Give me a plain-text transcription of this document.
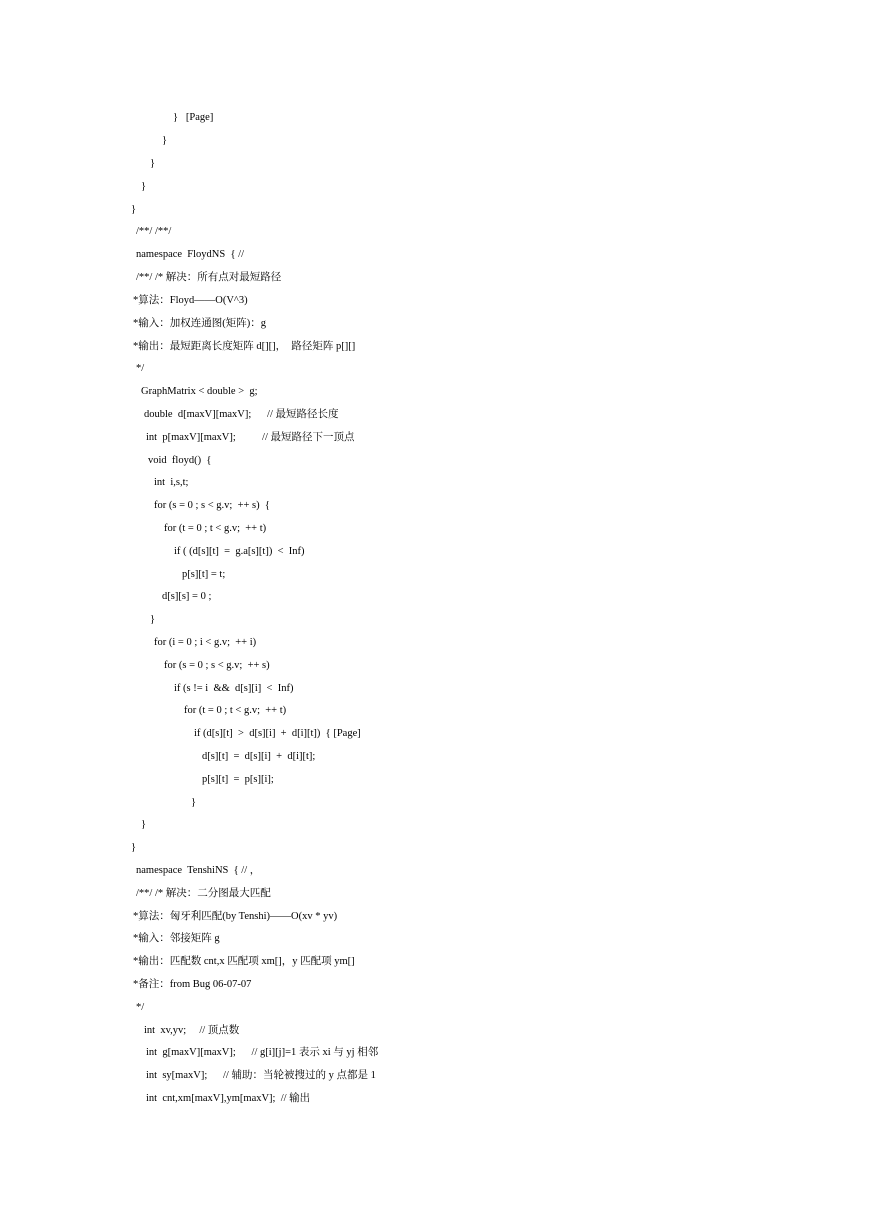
}   [Page]
}
}
}
}
/**/ /**/
namespace  FloydNS  { //
/**/ /* 解决：所有点对最短路径
*算法：Floyd——O(V^3)
*输入：加权连通图(矩阵)：g
*输出：最短距离长度矩阵 d[][]，  路径矩阵 p[][]
*/
GraphMatrix < double >  g;
double  d[maxV][maxV];      // 最短路径长度
int  p[maxV][maxV];          // 最短路径下一顶点
void  floyd()  {
int  i,s,t;
for (s = 0 ; s < g.v;  ++ s)  {
for (t = 0 ; t < g.v;  ++ t)
if ( (d[s][t]  =  g.a[s][t])  <  Inf)
p[s][t] = t;
d[s][s] = 0 ;
}
for (i = 0 ; i < g.v;  ++ i)
for (s = 0 ; s < g.v;  ++ s)
if (s != i  &&  d[s][i]  <  Inf)
for (t = 0 ; t < g.v;  ++ t)
if (d[s][t]  >  d[s][i]  +  d[i][t])  { [Page]
d[s][t]  =  d[s][i]  +  d[i][t];
p[s][t]  =  p[s][i];
}
}
}
namespace  TenshiNS  { // ，
/**/ /* 解决：二分图最大匹配
*算法：匈牙利匹配(by Tenshi)——O(xv * yv)
*输入：邻接矩阵 g
*输出：匹配数 cnt,x 匹配项 xm[]，y 匹配项 ym[]
*备注：from Bug 06-07-07
*/
int  xv,yv;     // 顶点数
int  g[maxV][maxV];      // g[i][j]=1 表示 xi 与 yj 相邻
int  sy[maxV];      // 辅助：当轮被搜过的 y 点都是 1
int  cnt,xm[maxV],ym[maxV];  // 输出
